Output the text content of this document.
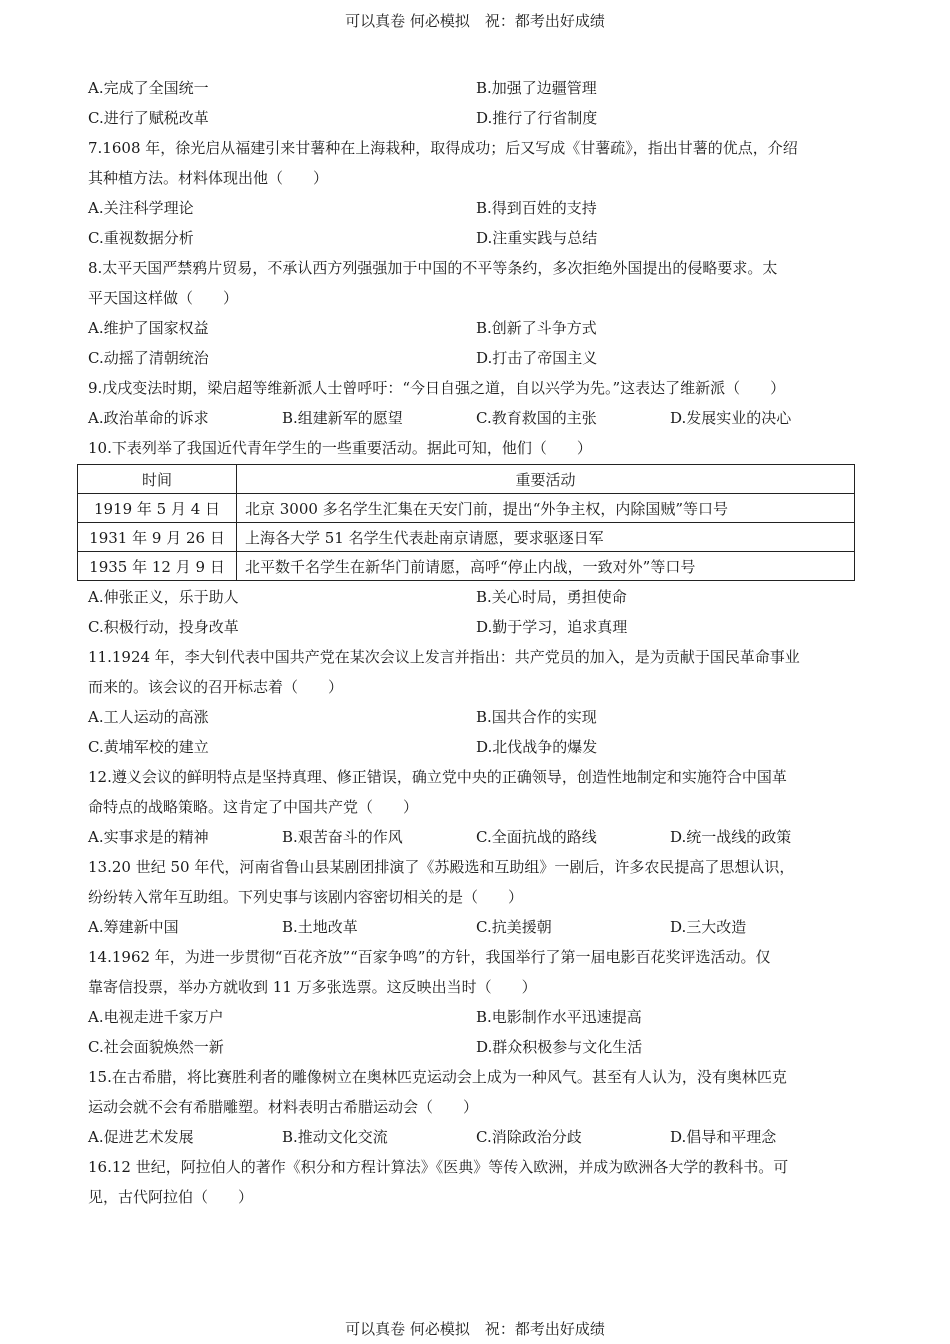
可以真卷 何必模拟　祝：都考出好成绩
A.完成了全国统一	B.加强了边疆管理
C.进行了赋税改革	D.推行了行省制度
7.1608 年，徐光启从福建引来甘薯种在上海栽种，取得成功；后又写成《甘薯疏》，指出甘薯的优点，介绍
其种植方法。材料体现出他（　　）
A.关注科学理论	B.得到百姓的支持
C.重视数据分析	D.注重实践与总结
8.太平天国严禁鸦片贸易，不承认西方列强强加于中国的不平等条约，多次拒绝外国提出的侵略要求。太
平天国这样做（　　）
A.维护了国家权益	B.创新了斗争方式
C.动摇了清朝统治	D.打击了帝国主义
9.戊戌变法时期，梁启超等维新派人士曾呼吁：“今日自强之道，自以兴学为先。”这表达了维新派（　　）
A.政治革命的诉求	B.组建新军的愿望	C.教育救国的主张	D.发展实业的决心
10.下表列举了我国近代青年学生的一些重要活动。据此可知，他们（　　）
时间	重要活动
1919 年 5 月 4 日	北京 3000 多名学生汇集在天安门前，提出“外争主权，内除国贼”等口号
1931 年 9 月 26 日	上海各大学 51 名学生代表赴南京请愿，要求驱逐日军
1935 年 12 月 9 日	北平数千名学生在新华门前请愿，高呼“停止内战，一致对外”等口号
A.伸张正义，乐于助人	B.关心时局，勇担使命
C.积极行动，投身改革	D.勤于学习，追求真理
11.1924 年，李大钊代表中国共产党在某次会议上发言并指出：共产党员的加入，是为贡献于国民革命事业
而来的。该会议的召开标志着（　　）
A.工人运动的高涨	B.国共合作的实现
C.黄埔军校的建立	D.北伐战争的爆发
12.遵义会议的鲜明特点是坚持真理、修正错误，确立党中央的正确领导，创造性地制定和实施符合中国革
命特点的战略策略。这肯定了中国共产党（　　）
A.实事求是的精神	B.艰苦奋斗的作风	C.全面抗战的路线	D.统一战线的政策
13.20 世纪 50 年代，河南省鲁山县某剧团排演了《苏殿选和互助组》一剧后，许多农民提高了思想认识，
纷纷转入常年互助组。下列史事与该剧内容密切相关的是（　　）
A.筹建新中国	B.土地改革	C.抗美援朝	D.三大改造
14.1962 年，为进一步贯彻“百花齐放”“百家争鸣”的方针，我国举行了第一届电影百花奖评选活动。仅
靠寄信投票，举办方就收到 11 万多张选票。这反映出当时（　　）
A.电视走进千家万户	B.电影制作水平迅速提高
C.社会面貌焕然一新	D.群众积极参与文化生活
15.在古希腊，将比赛胜利者的雕像树立在奥林匹克运动会上成为一种风气。甚至有人认为，没有奥林匹克
运动会就不会有希腊雕塑。材料表明古希腊运动会（　　）
A.促进艺术发展	B.推动文化交流	C.消除政治分歧	D.倡导和平理念
16.12 世纪，阿拉伯人的著作《积分和方程计算法》《医典》等传入欧洲，并成为欧洲各大学的教科书。可
见，古代阿拉伯（　　）
可以真卷 何必模拟　祝：都考出好成绩
